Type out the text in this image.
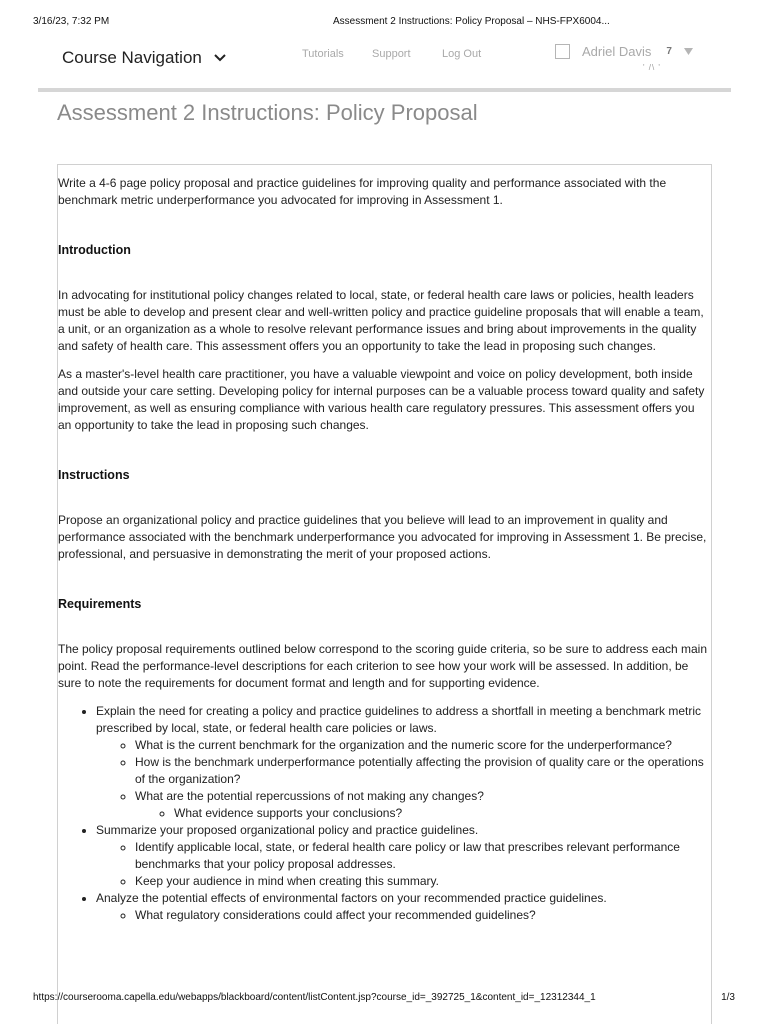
3/16/23, 7:32 PM	Assessment 2 Instructions: Policy Proposal – NHS-FPX6004...
Course Navigation	Tutorials	Support	Log Out	Adriel Davis 7
' /\ '
Assessment 2 Instructions: Policy Proposal

Write a 4-6 page policy proposal and practice guidelines for improving quality and performance associated with the benchmark metric underperformance you advocated for improving in Assessment 1.

Introduction

In advocating for institutional policy changes related to local, state, or federal health care laws or policies, health leaders must be able to develop and present clear and well-written policy and practice guideline proposals that will enable a team, a unit, or an organization as a whole to resolve relevant performance issues and bring about improvements in the quality and safety of health care. This assessment offers you an opportunity to take the lead in proposing such changes.

As a master's-level health care practitioner, you have a valuable viewpoint and voice on policy development, both inside and outside your care setting. Developing policy for internal purposes can be a valuable process toward quality and safety improvement, as well as ensuring compliance with various health care regulatory pressures. This assessment offers you an opportunity to take the lead in proposing such changes.

Instructions

Propose an organizational policy and practice guidelines that you believe will lead to an improvement in quality and performance associated with the benchmark underperformance you advocated for improving in Assessment 1. Be precise, professional, and persuasive in demonstrating the merit of your proposed actions.

Requirements

The policy proposal requirements outlined below correspond to the scoring guide criteria, so be sure to address each main point. Read the performance-level descriptions for each criterion to see how your work will be assessed. In addition, be sure to note the requirements for document format and length and for supporting evidence.

• Explain the need for creating a policy and practice guidelines to address a shortfall in meeting a benchmark metric prescribed by local, state, or federal health care policies or laws.
◦ What is the current benchmark for the organization and the numeric score for the underperformance?
◦ How is the benchmark underperformance potentially affecting the provision of quality care or the operations of the organization?
◦ What are the potential repercussions of not making any changes?
◦ What evidence supports your conclusions?
• Summarize your proposed organizational policy and practice guidelines.
◦ Identify applicable local, state, or federal health care policy or law that prescribes relevant performance benchmarks that your policy proposal addresses.
◦ Keep your audience in mind when creating this summary.
• Analyze the potential effects of environmental factors on your recommended practice guidelines.
◦ What regulatory considerations could affect your recommended guidelines?
https://courserooma.capella.edu/webapps/blackboard/content/listContent.jsp?course_id=_392725_1&content_id=_12312344_1	1/3
